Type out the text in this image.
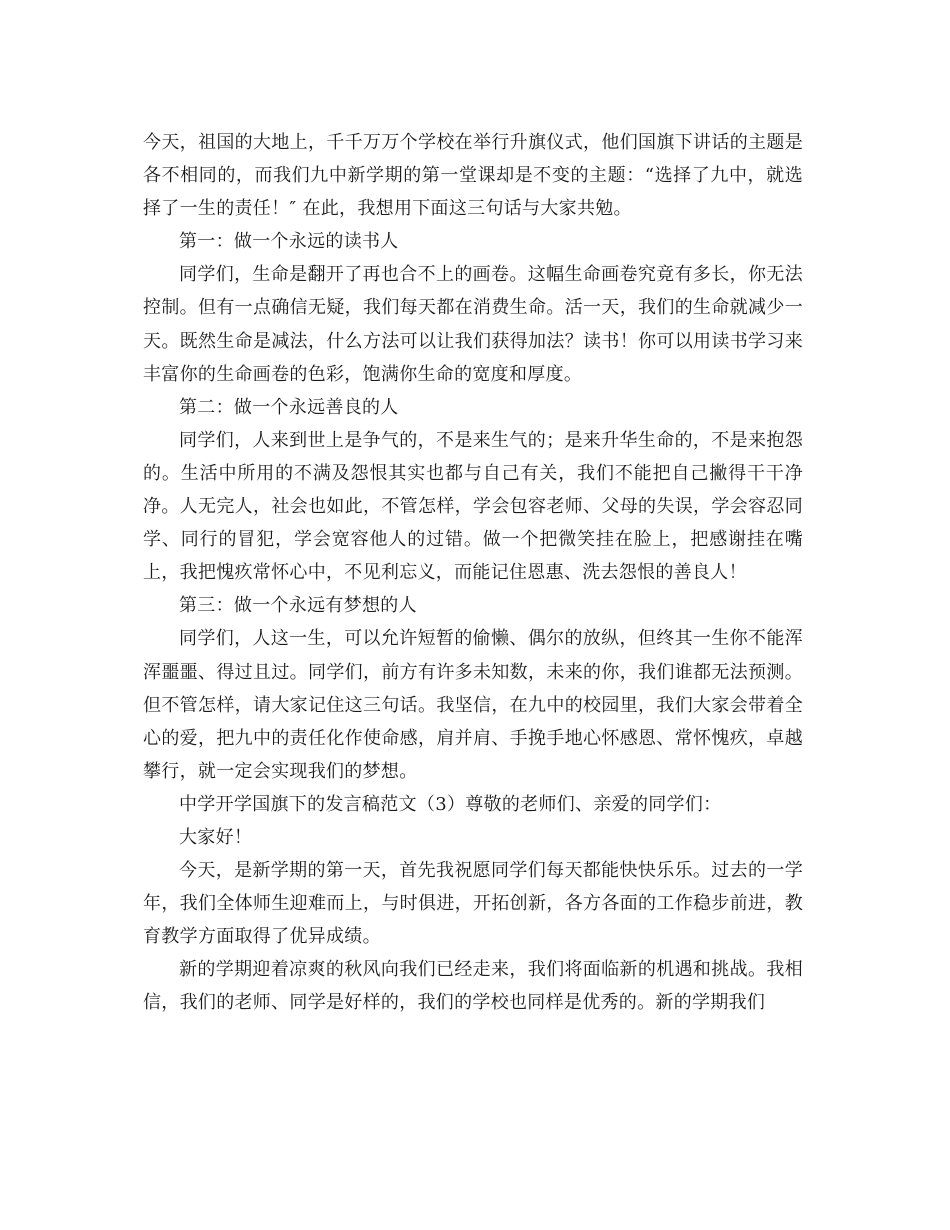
今天，祖国的大地上，千千万万个学校在举行升旗仪式，他们国旗下讲话的主题是各不相同的，而我们九中新学期的第一堂课却是不变的主题：“选择了九中，就选择了一生的责任！″ 在此，我想用下面这三句话与大家共勉。

第一：做一个永远的读书人

同学们，生命是翻开了再也合不上的画卷。这幅生命画卷究竟有多长，你无法控制。但有一点确信无疑，我们每天都在消费生命。活一天，我们的生命就减少一天。既然生命是减法，什么方法可以让我们获得加法？读书！你可以用读书学习来丰富你的生命画卷的色彩，饱满你生命的宽度和厚度。

第二：做一个永远善良的人

同学们，人来到世上是争气的，不是来生气的；是来升华生命的，不是来抱怨的。生活中所用的不满及怨恨其实也都与自己有关，我们不能把自己撇得干干净净。人无完人，社会也如此，不管怎样，学会包容老师、父母的失误，学会容忍同学、同行的冒犯，学会宽容他人的过错。做一个把微笑挂在脸上，把感谢挂在嘴上，我把愧疚常怀心中，不见利忘义，而能记住恩惠、洗去怨恨的善良人！

第三：做一个永远有梦想的人

同学们，人这一生，可以允许短暂的偷懒、偶尔的放纵，但终其一生你不能浑浑噩噩、得过且过。同学们，前方有许多未知数，未来的你，我们谁都无法预测。但不管怎样，请大家记住这三句话。我坚信，在九中的校园里，我们大家会带着全心的爱，把九中的责任化作使命感，肩并肩、手挽手地心怀感恩、常怀愧疚，卓越攀行，就一定会实现我们的梦想。

中学开学国旗下的发言稿范文（3）尊敬的老师们、亲爱的同学们：

大家好！

今天，是新学期的第一天，首先我祝愿同学们每天都能快快乐乐。过去的一学年，我们全体师生迎难而上，与时俱进，开拓创新，各方各面的工作稳步前进，教育教学方面取得了优异成绩。

新的学期迎着凉爽的秋风向我们已经走来，我们将面临新的机遇和挑战。我相信，我们的老师、同学是好样的，我们的学校也同样是优秀的。新的学期我们
